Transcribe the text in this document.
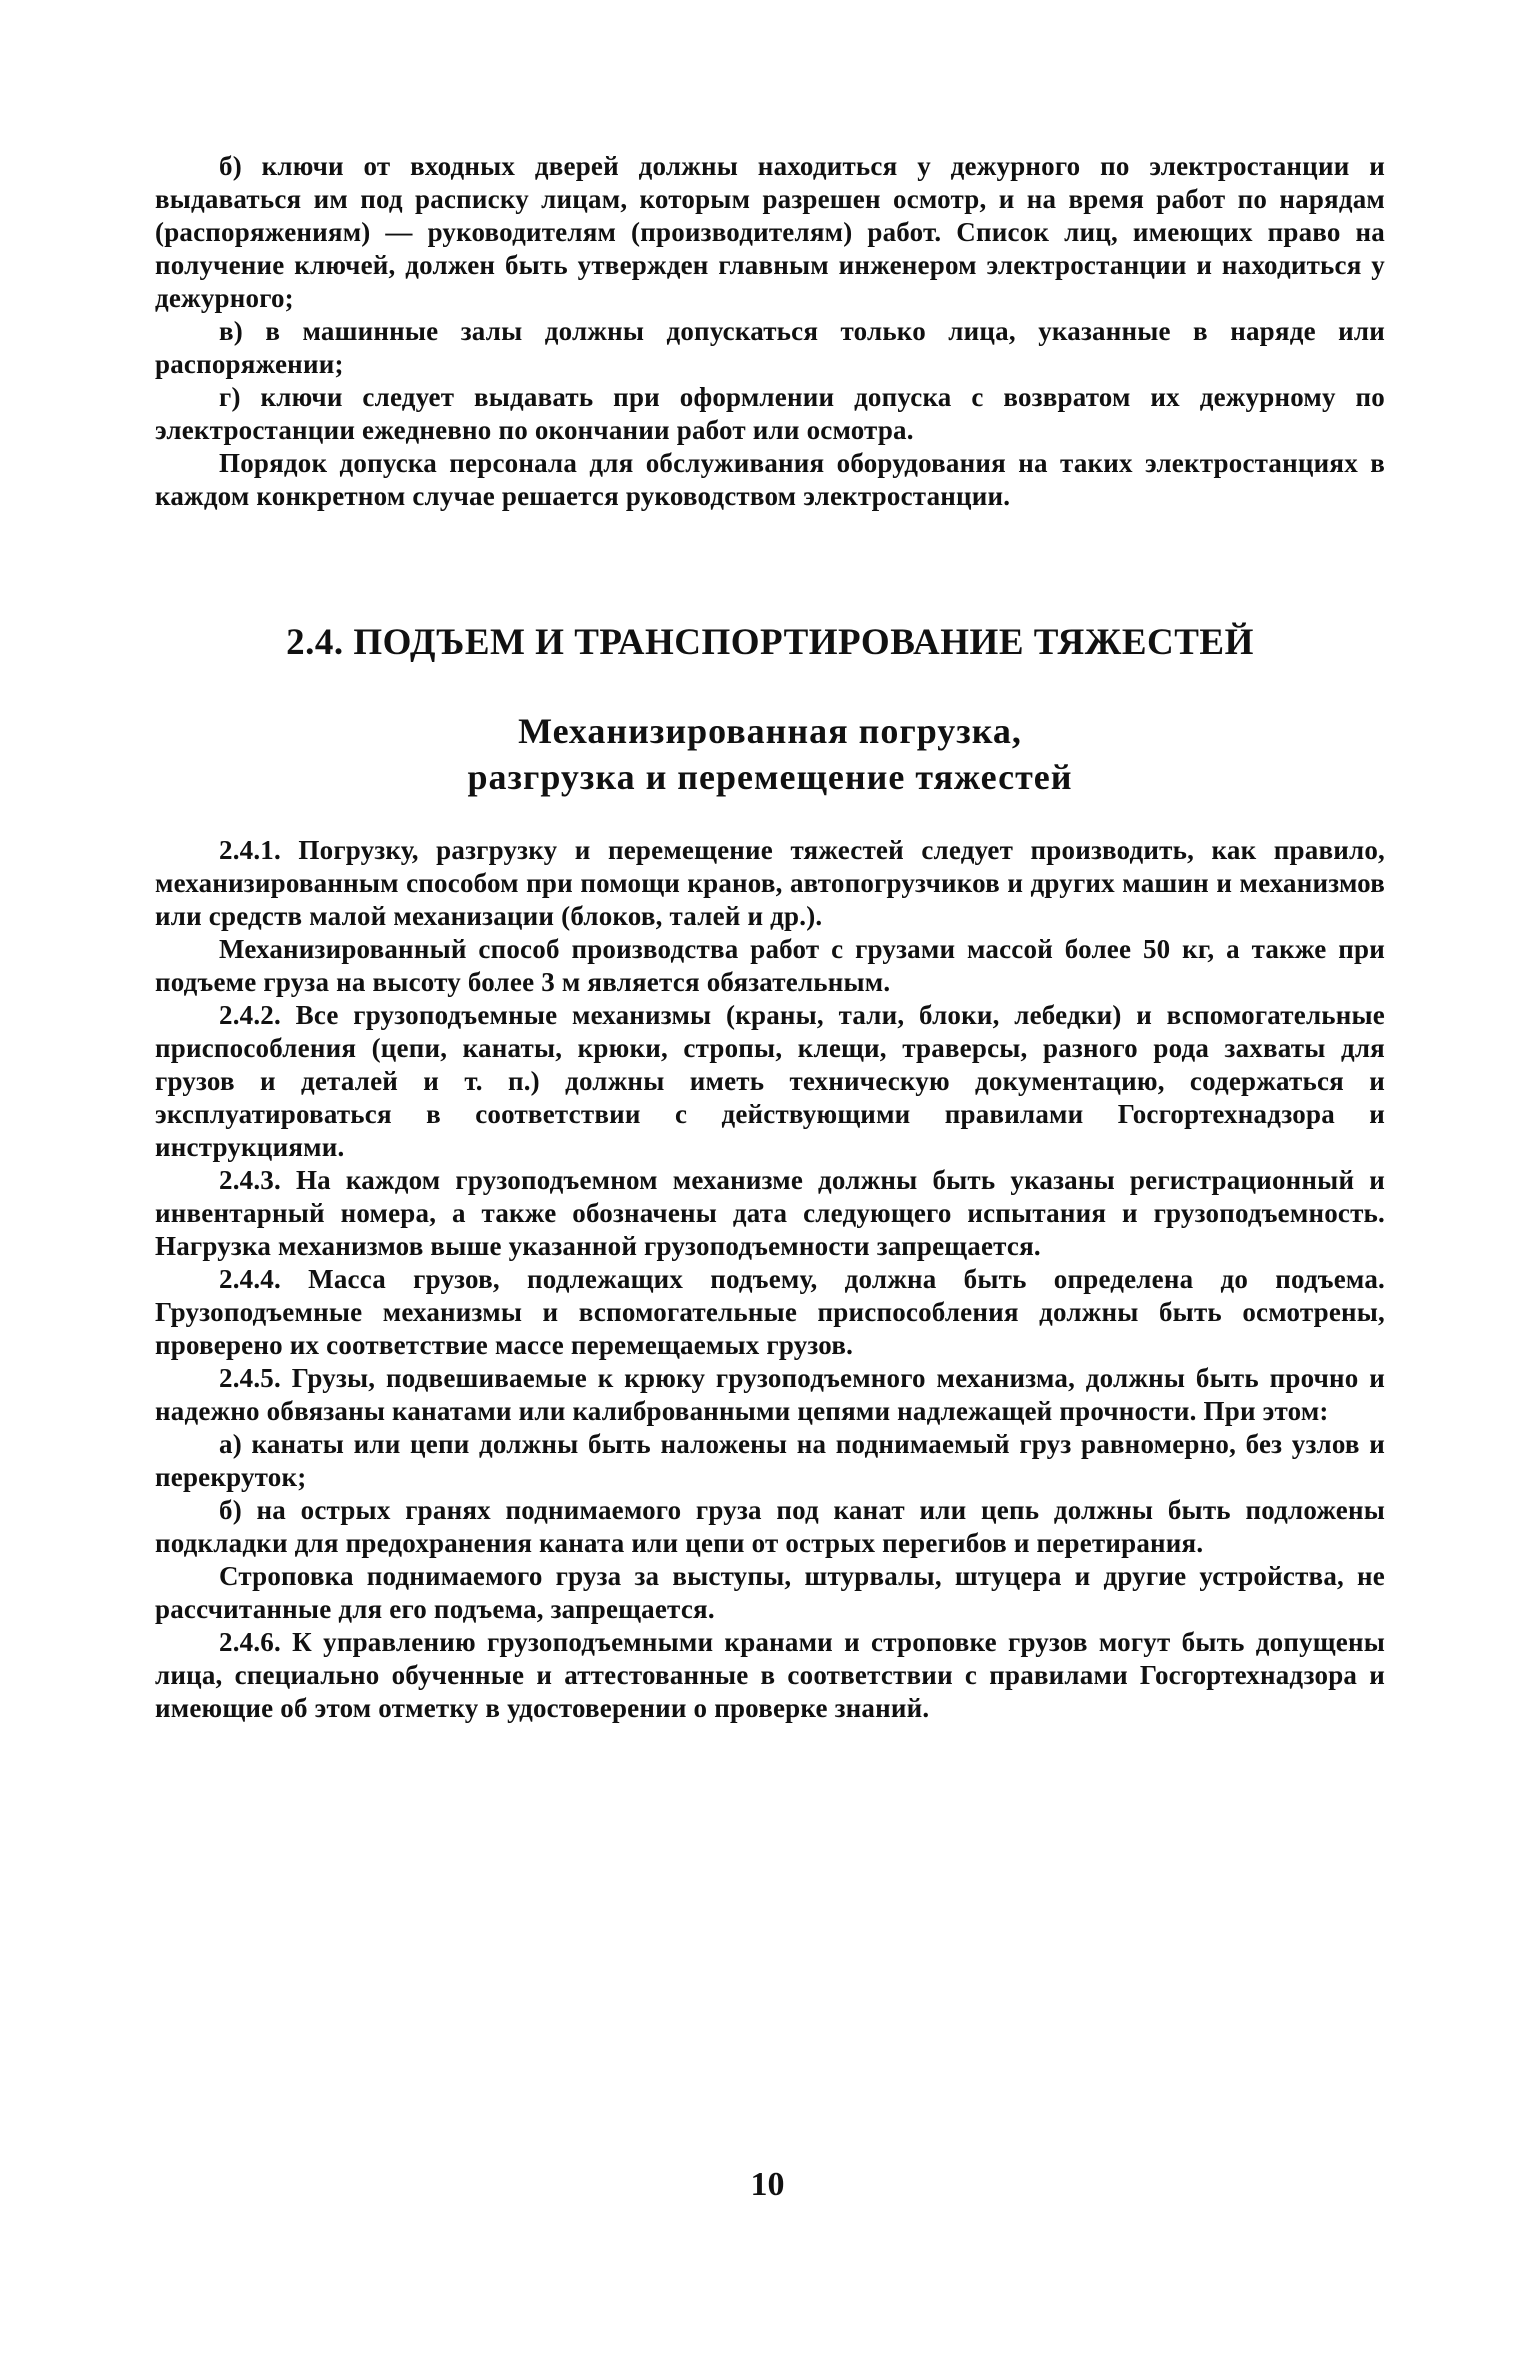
б) ключи от входных дверей должны находиться у дежурного по электростанции и выдаваться им под расписку лицам, которым разрешен осмотр, и на время работ по нарядам (распоряжениям) — руководителям (производителям) работ. Список лиц, имеющих право на получение ключей, должен быть утвержден главным инженером электростанции и находиться у дежурного;

в) в машинные залы должны допускаться только лица, указанные в наряде или распоряжении;

г) ключи следует выдавать при оформлении допуска с возвратом их дежурному по электростанции ежедневно по окончании работ или осмотра.

Порядок допуска персонала для обслуживания оборудования на таких электростанциях в каждом конкретном случае решается руководством электростанции.

2.4. ПОДЪЕМ И ТРАНСПОРТИРОВАНИЕ ТЯЖЕСТЕЙ
Механизированная погрузка,
разгрузка и перемещение тяжестей

2.4.1. Погрузку, разгрузку и перемещение тяжестей следует производить, как правило, механизированным способом при помощи кранов, автопогрузчиков и других машин и механизмов или средств малой механизации (блоков, талей и др.).

Механизированный способ производства работ с грузами массой более 50 кг, а также при подъеме груза на высоту более 3 м является обязательным.

2.4.2. Все грузоподъемные механизмы (краны, тали, блоки, лебедки) и вспомогательные приспособления (цепи, канаты, крюки, стропы, клещи, траверсы, разного рода захваты для грузов и деталей и т. п.) должны иметь техническую документацию, содержаться и эксплуатироваться в соответствии с действующими правилами Госгортехнадзора и инструкциями.

2.4.3. На каждом грузоподъемном механизме должны быть указаны регистрационный и инвентарный номера, а также обозначены дата следующего испытания и грузоподъемность. Нагрузка механизмов выше указанной грузоподъемности запрещается.

2.4.4. Масса грузов, подлежащих подъему, должна быть определена до подъема. Грузоподъемные механизмы и вспомогательные приспособления должны быть осмотрены, проверено их соответствие массе перемещаемых грузов.

2.4.5. Грузы, подвешиваемые к крюку грузоподъемного механизма, должны быть прочно и надежно обвязаны канатами или калиброванными цепями надлежащей прочности. При этом:

а) канаты или цепи должны быть наложены на поднимаемый груз равномерно, без узлов и перекруток;

б) на острых гранях поднимаемого груза под канат или цепь должны быть подложены подкладки для предохранения каната или цепи от острых перегибов и перетирания.

Строповка поднимаемого груза за выступы, штурвалы, штуцера и другие устройства, не рассчитанные для его подъема, запрещается.

2.4.6. К управлению грузоподъемными кранами и строповке грузов могут быть допущены лица, специально обученные и аттестованные в соответствии с правилами Госгортехнадзора и имеющие об этом отметку в удостоверении о проверке знаний.

10
